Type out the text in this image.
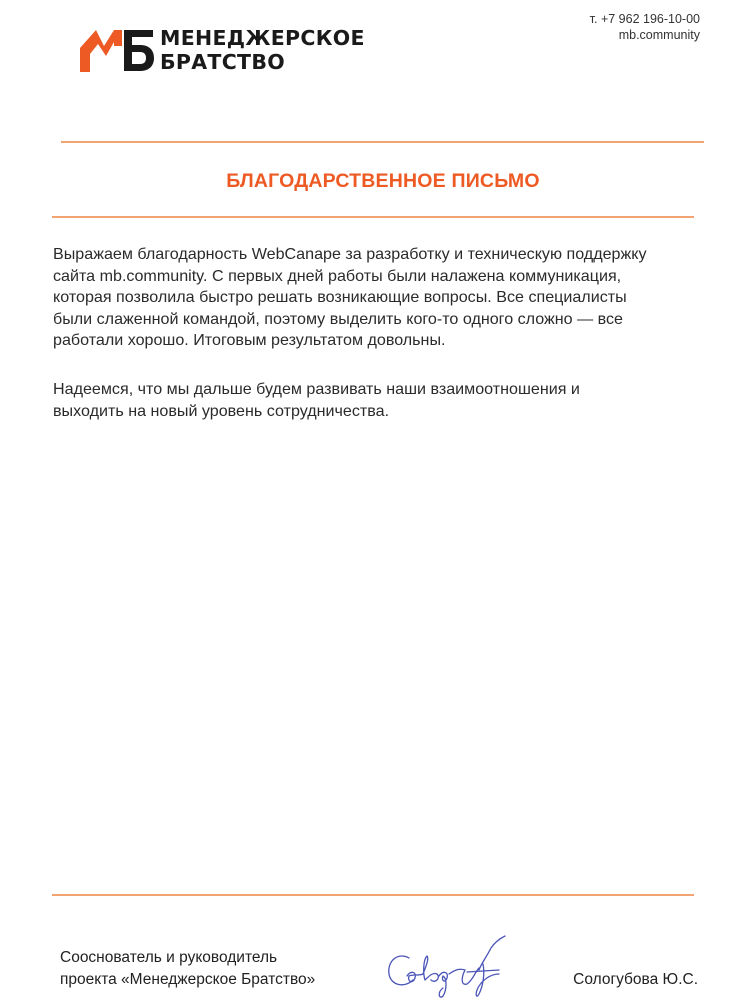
МЕНЕДЖЕРСКОЕ
БРАТСТВО
т. +7 962 196-10-00
mb.community
БЛАГОДАРСТВЕННОЕ ПИСЬМО
Выражаем благодарность WebCanape за разработку и техническую поддержку
сайта mb.community. С первых дней работы были налажена коммуникация,
которая позволила быстро решать возникающие вопросы. Все специалисты
были слаженной командой, поэтому выделить кого-то одного сложно — все
работали хорошо. Итоговым результатом довольны.
Надеемся, что мы дальше будем развивать наши взаимоотношения и
выходить на новый уровень сотрудничества.
Сооснователь и руководитель
проекта «Менеджерское Братство»	Сологубова Ю.С.
